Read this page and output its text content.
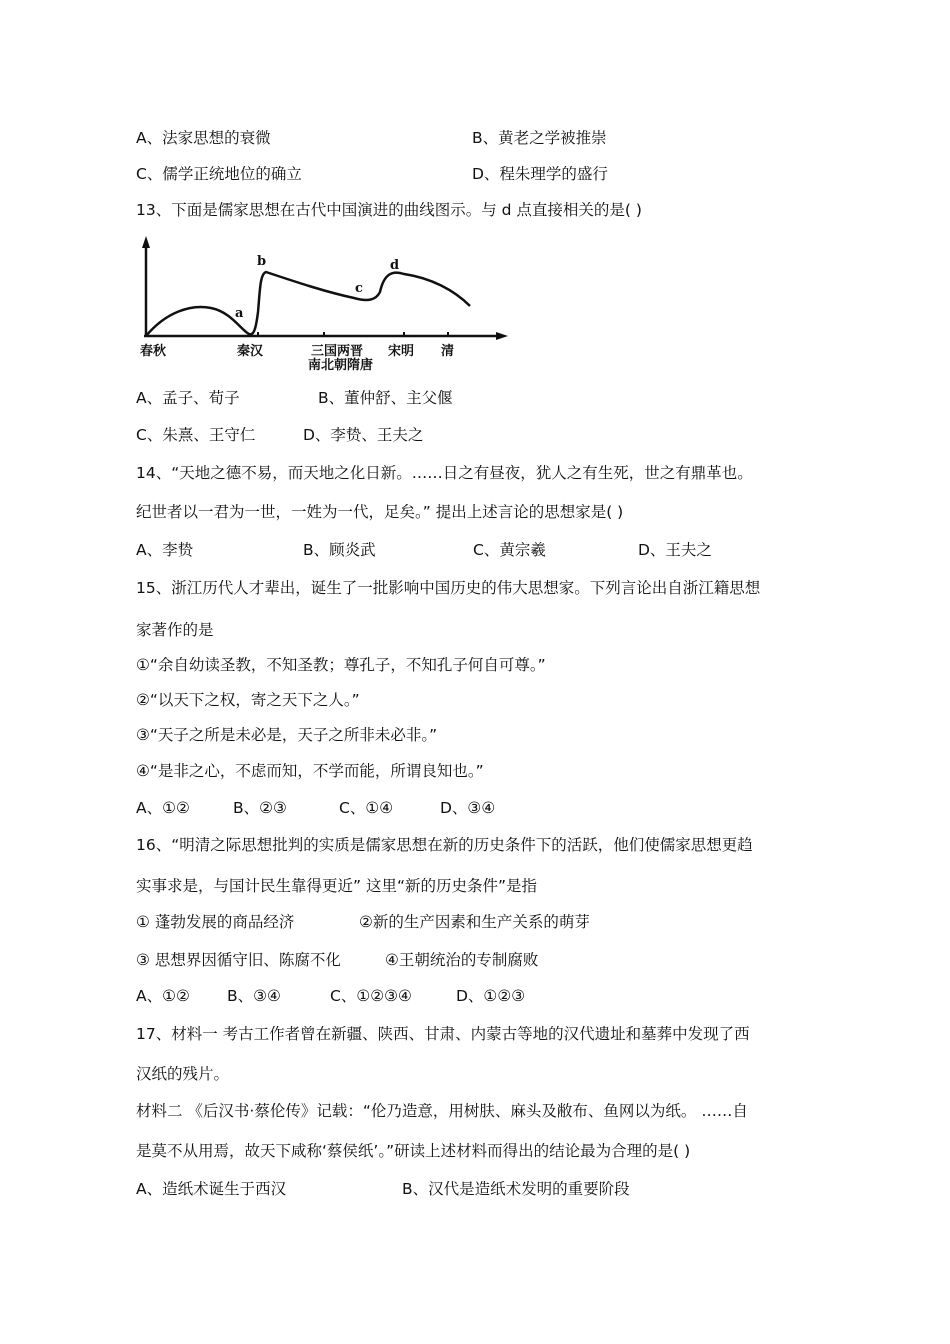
A、法家思想的衰微	B、黄老之学被推崇
C、儒学正统地位的确立	D、程朱理学的盛行
13、下面是儒家思想在古代中国演进的曲线图示。与 d 点直接相关的是( )
a
b
c
d
春秋	秦汉	三国两晋
南北朝隋唐
宋明 清
A、孟子、荀子	B、董仲舒、主父偃
C、朱熹、王守仁	D、李贽、王夫之
14、“天地之德不易，而天地之化日新。……日之有昼夜，犹人之有生死，世之有鼎革也。
纪世者以一君为一世，一姓为一代，足矣。” 提出上述言论的思想家是( )
A、李贽	B、顾炎武	C、黄宗羲	D、王夫之
15、浙江历代人才辈出，诞生了一批影响中国历史的伟大思想家。下列言论出自浙江籍思想
家著作的是
①“余自幼读圣教，不知圣教；尊孔子，不知孔子何自可尊。”
②“以天下之权，寄之天下之人。”
③“天子之所是未必是，天子之所非未必非。”
④“是非之心，不虑而知，不学而能，所谓良知也。”
A、①②	B、②③	C、①④	D、③④
16、“明清之际思想批判的实质是儒家思想在新的历史条件下的活跃，他们使儒家思想更趋
实事求是，与国计民生靠得更近” 这里“新的历史条件”是指
① 蓬勃发展的商品经济	②新的生产因素和生产关系的萌芽
③ 思想界因循守旧、陈腐不化	④王朝统治的专制腐败
A、①② B、③④	C、①②③④	D、①②③
17、材料一 考古工作者曾在新疆、陕西、甘肃、内蒙古等地的汉代遗址和墓葬中发现了西
汉纸的残片。
材料二 《后汉书·蔡伦传》记载：“伦乃造意，用树肤、麻头及敝布、鱼网以为纸。 ……自
是莫不从用焉，故天下咸称‘蔡侯纸’。”研读上述材料而得出的结论最为合理的是( )
A、造纸术诞生于西汉	B、汉代是造纸术发明的重要阶段
